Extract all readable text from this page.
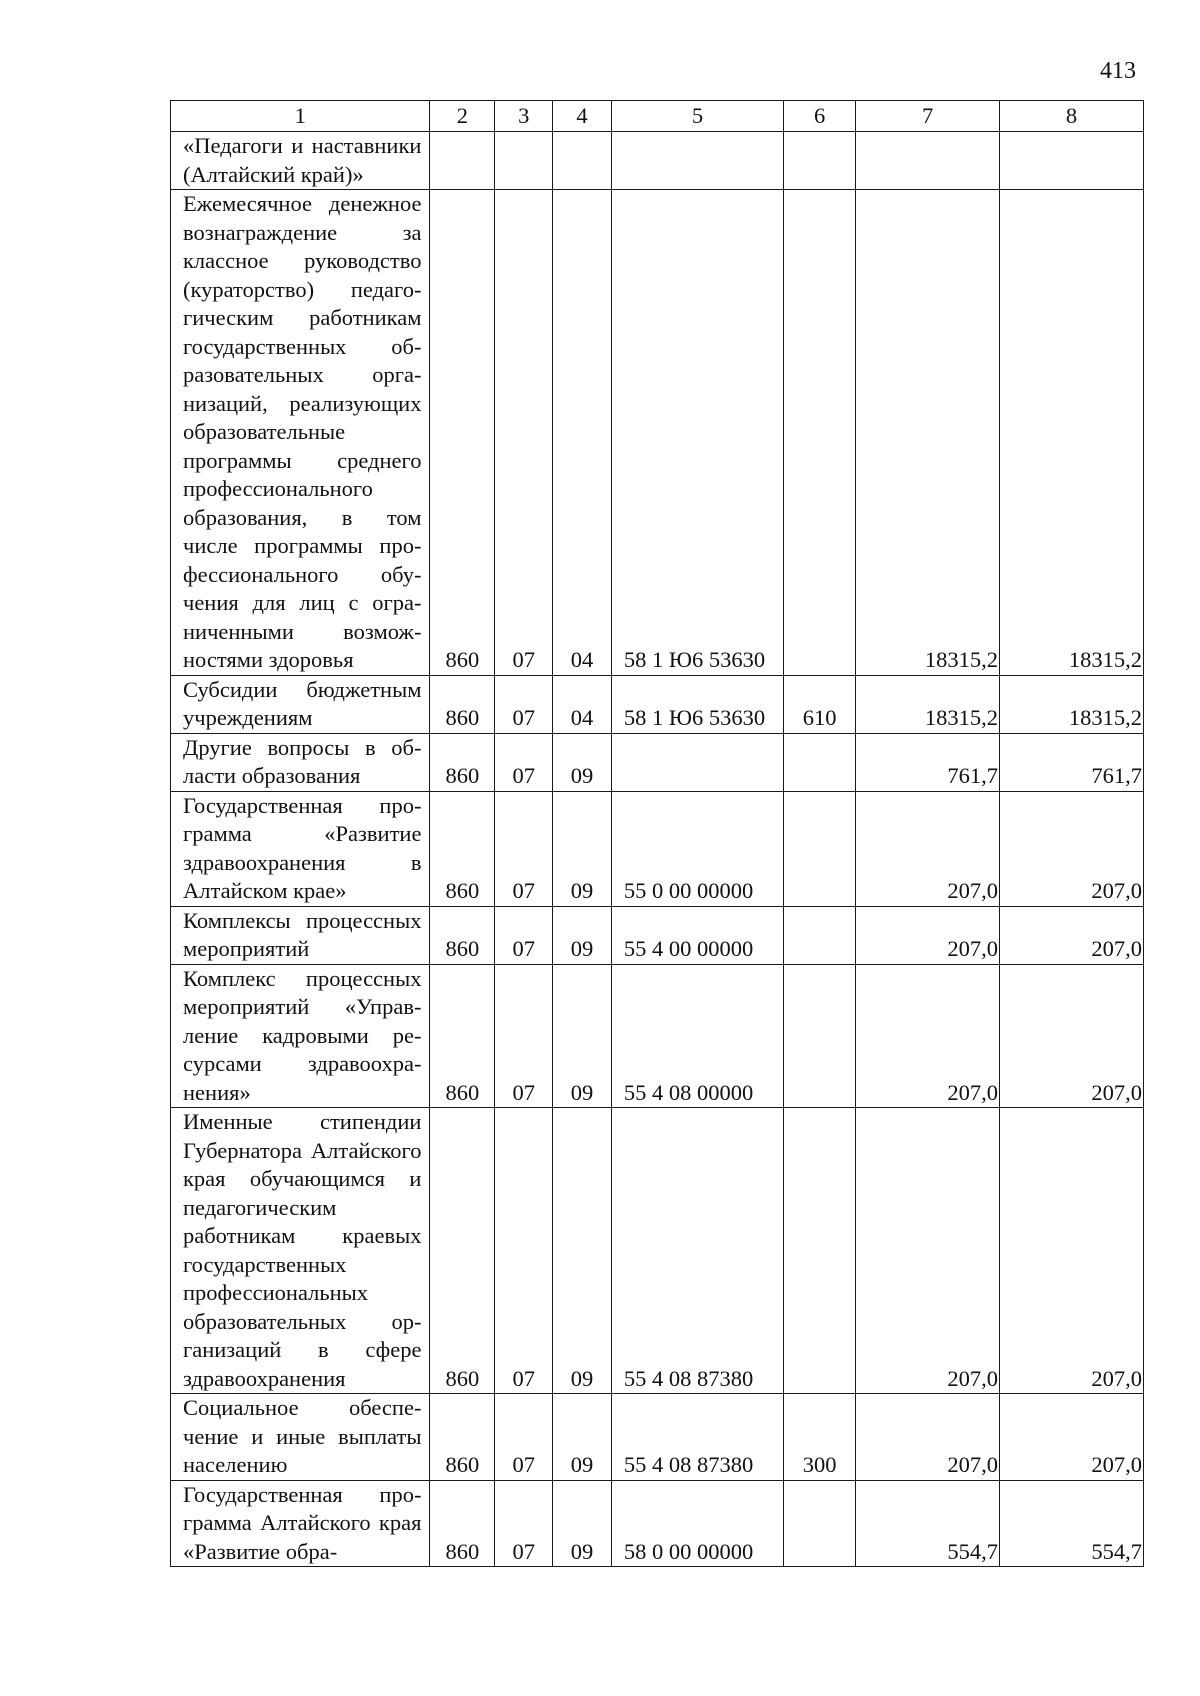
413
1	2	3	4	5	6	7	8
«Педагоги и наставники (Алтайский край)»							
Ежемесячное денежное вознаграждение за классное руководство (кураторство) педагогическим работникам государственных образовательных организаций, реализующих образовательные программы среднего профессионального образования, в том числе программы профессионального обучения для лиц с ограниченными возможностями здоровья	860	07	04	58 1 Ю6 53630		18315,2	18315,2
Субсидии бюджетным учреждениям	860	07	04	58 1 Ю6 53630	610	18315,2	18315,2
Другие вопросы в области образования	860	07	09			761,7	761,7
Государственная программа «Развитие здравоохранения в Алтайском крае»	860	07	09	55 0 00 00000		207,0	207,0
Комплексы процессных мероприятий	860	07	09	55 4 00 00000		207,0	207,0
Комплекс процессных мероприятий «Управление кадровыми ресурсами здравоохранения»	860	07	09	55 4 08 00000		207,0	207,0
Именные стипендии Губернатора Алтайского края обучающимся и педагогическим работникам краевых государственных профессиональных образовательных организаций в сфере здравоохранения	860	07	09	55 4 08 87380		207,0	207,0
Социальное обеспечение и иные выплаты населению	860	07	09	55 4 08 87380	300	207,0	207,0
Государственная программа Алтайского края «Развитие обра-	860	07	09	58 0 00 00000		554,7	554,7
